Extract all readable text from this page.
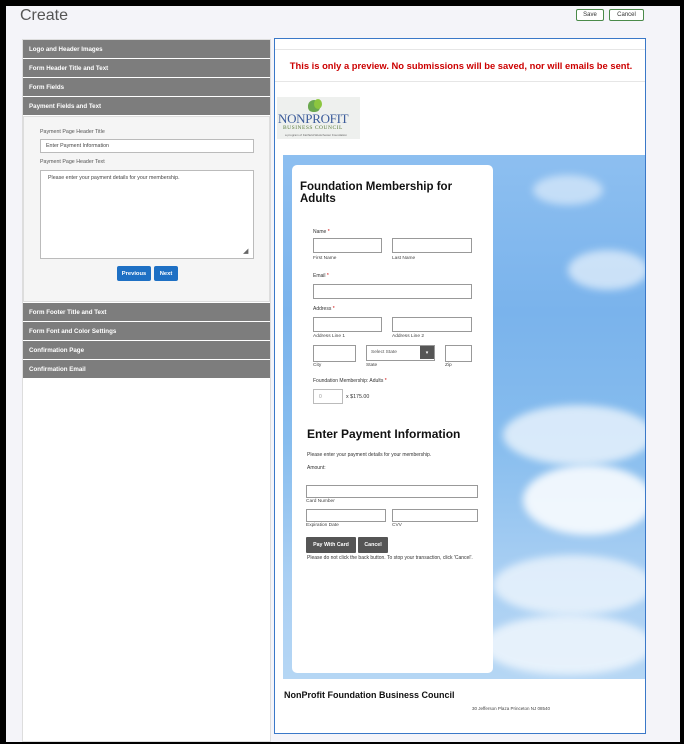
Create	Save	Cancel
Logo and Header Images
Form Header Title and Text
Form Fields
Payment Fields and Text
Payment Page Header Title
Enter Payment Information
Payment Page Header Text
Please enter your payment details for your membership.
◢
Previous	Next
Form Footer Title and Text
Form Font and Color Settings
Confirmation Page
Confirmation Email
This is only a preview. No submissions will be saved, nor will emails be sent.
NONPROFIT
BUSINESS COUNCIL
a program of Fairfield-Westchester Foundation
Foundation Membership for Adults
Name *
First Name	Last Name
Email *
Address *
Address Line 1	Address Line 2
Select State	▾
City	State	Zip
Foundation Membership: Adults *
0	x $175.00
Enter Payment Information
Please enter your payment details for your membership.
Amount:
Card Number
Expiration Date	CVV
Pay With Card	Cancel
Please do not click the back button. To stop your transaction, click 'Cancel'.
NonProfit Foundation Business Council
30 Jefferson Plaza Princeton NJ 08540
